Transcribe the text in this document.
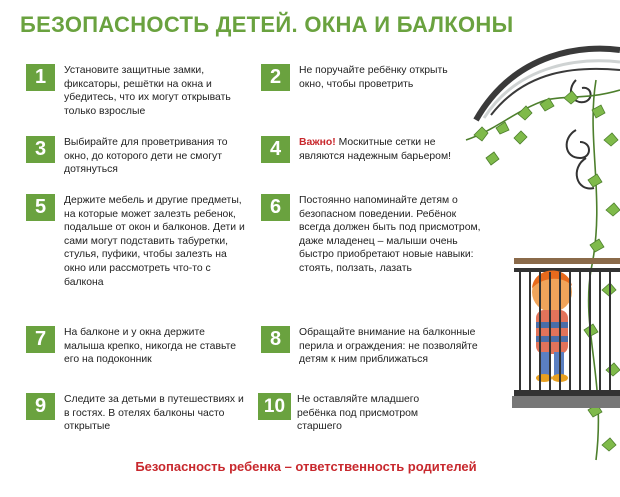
БЕЗОПАСНОСТЬ ДЕТЕЙ. ОКНА И БАЛКОНЫ
1	Установите защитные замки, фиксаторы, решётки на окна и убедитесь, что их могут открывать только взрослые
3	Выбирайте для проветривания то окно, до которого дети не смогут дотянуться
5	Держите мебель и другие предметы, на которые может залезть ребенок, подальше от окон и балконов. Дети и сами могут подставить табуретки, стулья, пуфики, чтобы залезть на окно или рассмотреть что-то с балкона
7	На балконе и у окна держите малыша крепко, никогда не ставьте его на подоконник
9	Следите за детьми в путешествиях и в гостях. В отелях балконы часто открытые
2	Не поручайте ребёнку открыть окно, чтобы проветрить
4	Важно! Москитные сетки не являются надежным барьером!
6	Постоянно напоминайте детям о безопасном поведении. Ребёнок всегда должен быть под присмотром, даже младенец – малыши очень быстро приобретают новые навыки: стоять, ползать, лазать
8	Обращайте внимание на балконные перила и ограждения: не позволяйте детям к ним приближаться
10	Не оставляйте младшего ребёнка под присмотром старшего
Безопасность ребенка – ответственность родителей
